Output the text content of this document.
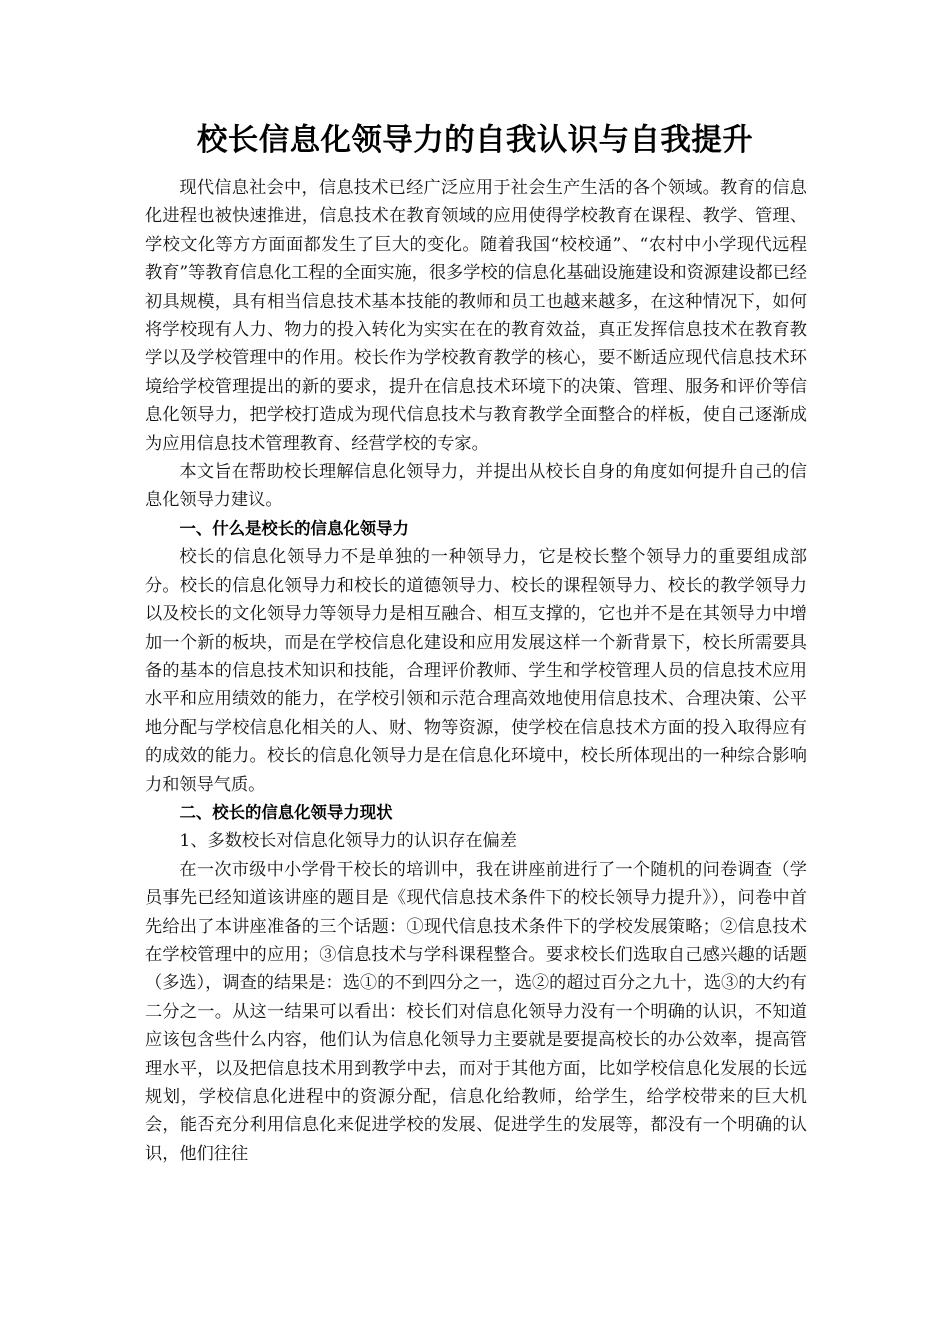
校长信息化领导力的自我认识与自我提升

现代信息社会中，信息技术已经广泛应用于社会生产生活的各个领域。教育的信息化进程也被快速推进，信息技术在教育领域的应用使得学校教育在课程、教学、管理、学校文化等方方面面都发生了巨大的变化。随着我国“校校通”、“农村中小学现代远程教育”等教育信息化工程的全面实施，很多学校的信息化基础设施建设和资源建设都已经初具规模，具有相当信息技术基本技能的教师和员工也越来越多，在这种情况下，如何将学校现有人力、物力的投入转化为实实在在的教育效益，真正发挥信息技术在教育教学以及学校管理中的作用。校长作为学校教育教学的核心，要不断适应现代信息技术环境给学校管理提出的新的要求，提升在信息技术环境下的决策、管理、服务和评价等信息化领导力，把学校打造成为现代信息技术与教育教学全面整合的样板，使自己逐渐成为应用信息技术管理教育、经营学校的专家。

本文旨在帮助校长理解信息化领导力，并提出从校长自身的角度如何提升自己的信息化领导力建议。

一、什么是校长的信息化领导力

校长的信息化领导力不是单独的一种领导力，它是校长整个领导力的重要组成部分。校长的信息化领导力和校长的道德领导力、校长的课程领导力、校长的教学领导力以及校长的文化领导力等领导力是相互融合、相互支撑的，它也并不是在其领导力中增加一个新的板块，而是在学校信息化建设和应用发展这样一个新背景下，校长所需要具备的基本的信息技术知识和技能，合理评价教师、学生和学校管理人员的信息技术应用水平和应用绩效的能力，在学校引领和示范合理高效地使用信息技术、合理决策、公平地分配与学校信息化相关的人、财、物等资源，使学校在信息技术方面的投入取得应有的成效的能力。校长的信息化领导力是在信息化环境中，校长所体现出的一种综合影响力和领导气质。

二、校长的信息化领导力现状

1、多数校长对信息化领导力的认识存在偏差

在一次市级中小学骨干校长的培训中，我在讲座前进行了一个随机的问卷调查（学员事先已经知道该讲座的题目是《现代信息技术条件下的校长领导力提升》），问卷中首先给出了本讲座准备的三个话题：①现代信息技术条件下的学校发展策略；②信息技术在学校管理中的应用；③信息技术与学科课程整合。要求校长们选取自己感兴趣的话题（多选），调查的结果是：选①的不到四分之一，选②的超过百分之九十，选③的大约有二分之一。从这一结果可以看出：校长们对信息化领导力没有一个明确的认识，不知道应该包含些什么内容，他们认为信息化领导力主要就是要提高校长的办公效率，提高管理水平，以及把信息技术用到教学中去，而对于其他方面，比如学校信息化发展的长远规划，学校信息化进程中的资源分配，信息化给教师，给学生，给学校带来的巨大机会，能否充分利用信息化来促进学校的发展、促进学生的发展等，都没有一个明确的认识，他们往往
